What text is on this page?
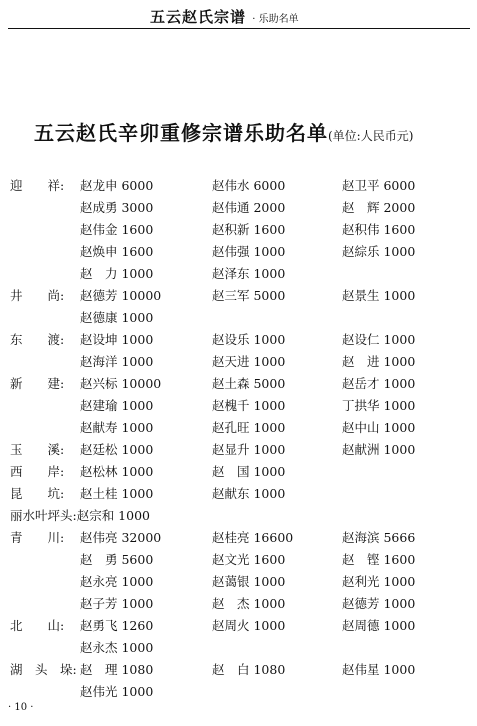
五云赵氏宗谱 · 乐助名单
五云赵氏辛卯重修宗谱乐助名单(单位:人民币元)
迎　　祥:	赵龙申 6000	赵伟水 6000	赵卫平 6000
赵成勇 3000	赵伟通 2000	赵　辉 2000
赵伟金 1600	赵积新 1600	赵积伟 1600
赵焕申 1600	赵伟强 1000	赵綜乐 1000
赵　力 1000	赵泽东 1000
井　　尚:	赵德芳 10000	赵三军 5000	赵景生 1000
赵德康 1000
东　　渡:	赵设坤 1000	赵设乐 1000	赵设仁 1000
赵海洋 1000	赵天进 1000	赵　进 1000
新　　建:	赵兴标 10000	赵土森 5000	赵岳才 1000
赵建瑜 1000	赵槐千 1000	丁拱华 1000
赵献寿 1000	赵孔旺 1000	赵中山 1000
玉　　溪:	赵廷松 1000	赵显升 1000	赵献洲 1000
西　　岸:	赵松林 1000	赵　国 1000
昆　　坑:	赵土桂 1000	赵献东 1000
丽水叶坪头:赵宗和 1000
青　　川:	赵伟亮 32000	赵桂亮 16600	赵海滨 5666
赵　勇 5600	赵文光 1600	赵　铿 1600
赵永亮 1000	赵蔼银 1000	赵利光 1000
赵子芳 1000	赵　杰 1000	赵德芳 1000
北　　山:	赵勇飞 1260	赵周火 1000	赵周德 1000
赵永杰 1000
湖　头　垛: 赵　理 1080	赵　白 1080	赵伟星 1000
赵伟光 1000
· 10 ·
